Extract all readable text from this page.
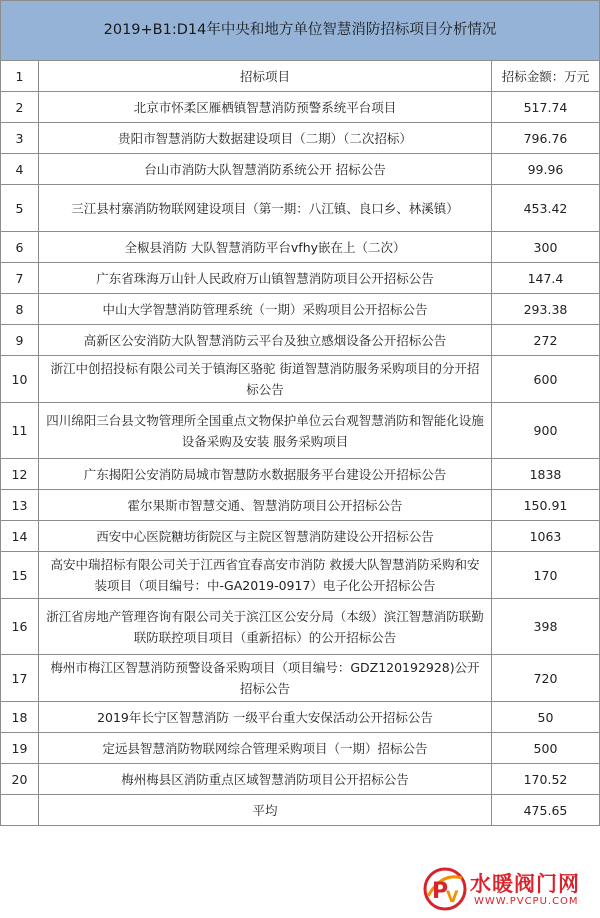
2019+B1:D14年中央和地方单位智慧消防招标项目分析情况		
1	招标项目	招标金额：万元
2	北京市怀柔区雁栖镇智慧消防预警系统平台项目	517.74
3	贵阳市智慧消防大数据建设项目（二期）（二次招标）	796.76
4	台山市消防大队智慧消防系统公开 招标公告	99.96
5	三江县村寨消防物联网建设项目（第一期：八江镇、良口乡、林溪镇）	453.42
6	全椒县消防 大队智慧消防平台vfhy嵌在上（二次）	300
7	广东省珠海万山针人民政府万山镇智慧消防项目公开招标公告	147.4
8	中山大学智慧消防管理系统（一期）采购项目公开招标公告	293.38
9	高新区公安消防大队智慧消防云平台及独立感烟设备公开招标公告	272
10	浙江中创招投标有限公司关于镇海区骆驼 街道智慧消防服务采购项目的分开招标公告	600
11	四川绵阳三台县文物管理所全国重点文物保护单位云台观智慧消防和智能化设施设备采购及安装 服务采购项目	900
12	广东揭阳公安消防局城市智慧防水数据服务平台建设公开招标公告	1838
13	霍尔果斯市智慧交通、智慧消防项目公开招标公告	150.91
14	西安中心医院糖坊街院区与主院区智慧消防建设公开招标公告	1063
15	高安中瑞招标有限公司关于江西省宜春高安市消防 救援大队智慧消防采购和安装项目（项目编号：中-GA2019-0917）电子化公开招标公告	170
16	浙江省房地产管理咨询有限公司关于滨江区公安分局（本级）滨江智慧消防联勤联防联控项目项目（重新招标）的公开招标公告	398
17	梅州市梅江区智慧消防预警设备采购项目（项目编号：GDZ120192928)公开招标公告	720
18	2019年长宁区智慧消防 一级平台重大安保活动公开招标公告	50
19	定远县智慧消防物联网综合管理采购项目（一期）招标公告	500
20	梅州梅县区消防重点区域智慧消防项目公开招标公告	170.52
	平均	475.65
P
V
水暖阀门网
WWW.PVCPU.COM
